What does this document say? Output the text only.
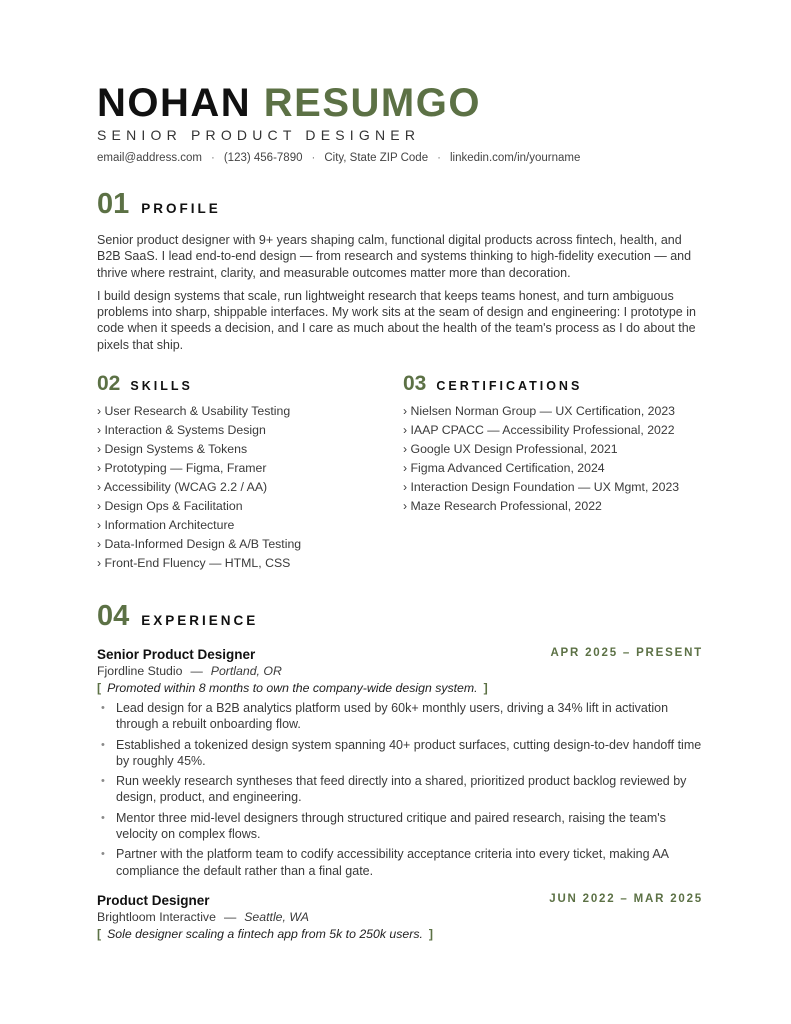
NOHAN RESUMGO
SENIOR PRODUCT DESIGNER
email@address.com · (123) 456-7890 · City, State ZIP Code · linkedin.com/in/yourname
01 PROFILE

Senior product designer with 9+ years shaping calm, functional digital products across fintech, health, and B2B SaaS. I lead end-to-end design — from research and systems thinking to high-fidelity execution — and thrive where restraint, clarity, and measurable outcomes matter more than decoration.

I build design systems that scale, run lightweight research that keeps teams honest, and turn ambiguous problems into sharp, shippable interfaces. My work sits at the seam of design and engineering: I prototype in code when it speeds a decision, and I care as much about the health of the team's process as I do about the pixels that ship.

02 SKILLS
› User Research & Usability Testing
› Interaction & Systems Design
› Design Systems & Tokens
› Prototyping — Figma, Framer
› Accessibility (WCAG 2.2 / AA)
› Design Ops & Facilitation
› Information Architecture
› Data-Informed Design & A/B Testing
› Front-End Fluency — HTML, CSS
03 CERTIFICATIONS
› Nielsen Norman Group — UX Certification, 2023
› IAAP CPACC — Accessibility Professional, 2022
› Google UX Design Professional, 2021
› Figma Advanced Certification, 2024
› Interaction Design Foundation — UX Mgmt, 2023
› Maze Research Professional, 2022
04 EXPERIENCE
Senior Product Designer	APR 2025 – PRESENT
Fjordline Studio — Portland, OR
[ Promoted within 8 months to own the company-wide design system. ]
• Lead design for a B2B analytics platform used by 60k+ monthly users, driving a 34% lift in activation through a rebuilt onboarding flow.
• Established a tokenized design system spanning 40+ product surfaces, cutting design-to-dev handoff time by roughly 45%.
• Run weekly research syntheses that feed directly into a shared, prioritized product backlog reviewed by design, product, and engineering.
• Mentor three mid-level designers through structured critique and paired research, raising the team's velocity on complex flows.
• Partner with the platform team to codify accessibility acceptance criteria into every ticket, making AA compliance the default rather than a final gate.
Product Designer	JUN 2022 – MAR 2025
Brightloom Interactive — Seattle, WA
[ Sole designer scaling a fintech app from 5k to 250k users. ]
